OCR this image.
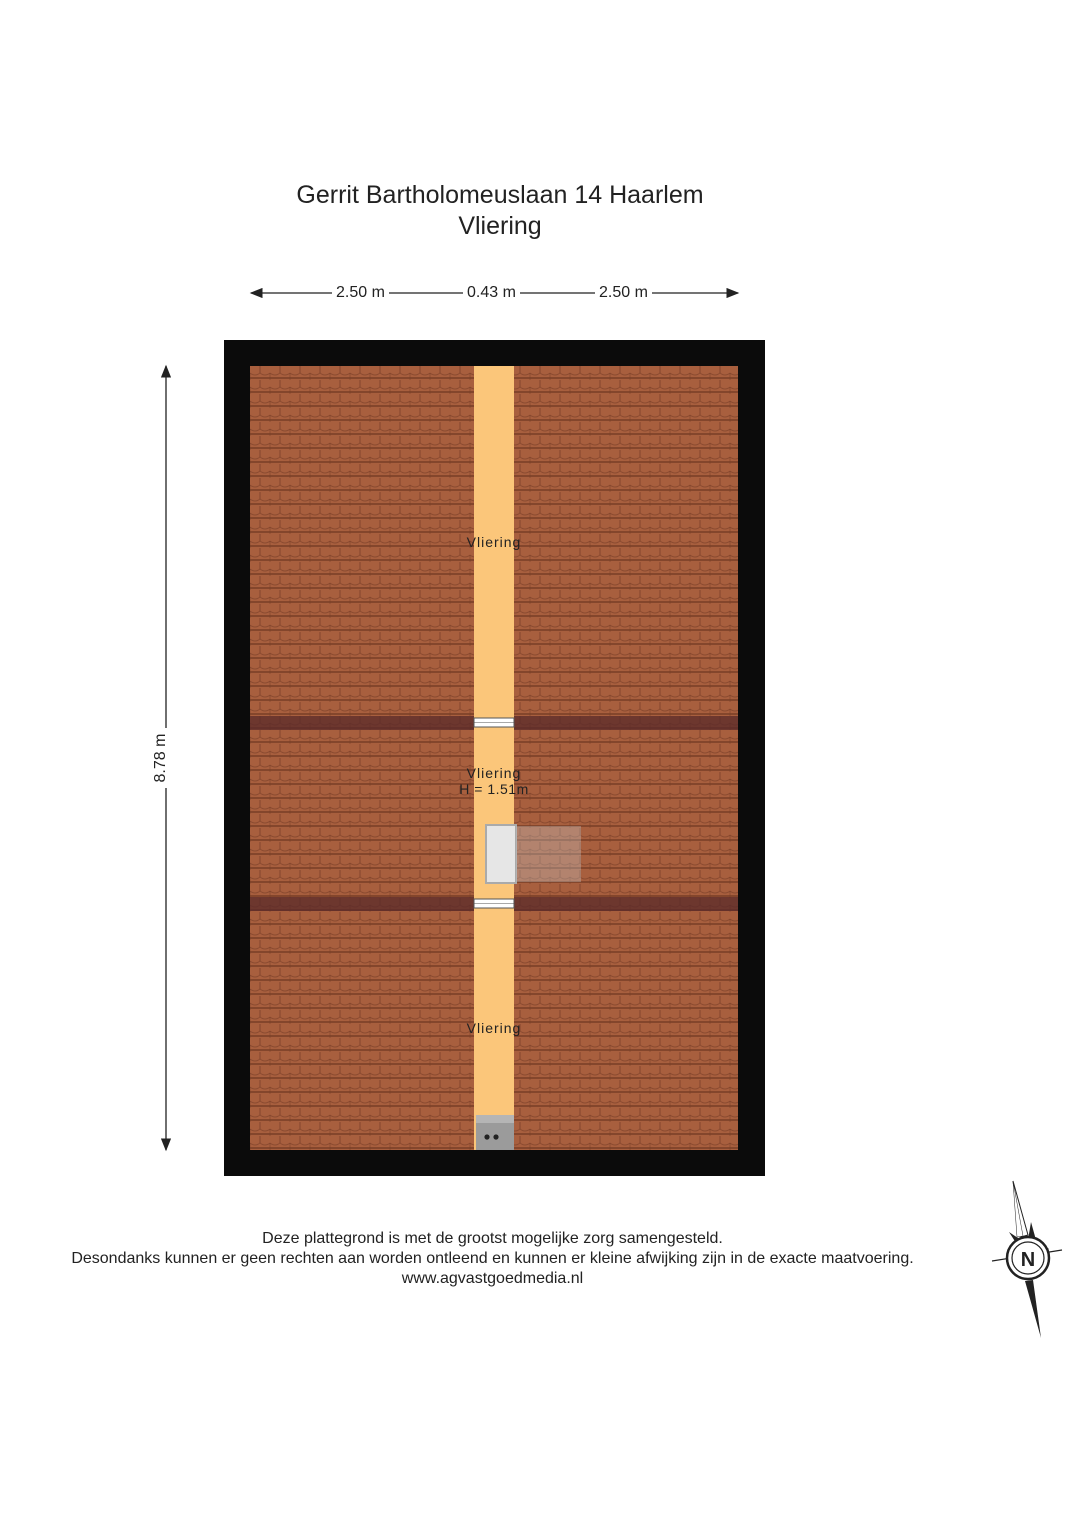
Gerrit Bartholomeuslaan 14 Haarlem
Vliering
N
2.50 m	0.43 m	2.50 m
8.78 m
Vliering
Vliering
H = 1.51m
Vliering
Deze plattegrond is met de grootst mogelijke zorg samengesteld.
Desondanks kunnen er geen rechten aan worden ontleend en kunnen er kleine afwijking zijn in de exacte maatvoering.
www.agvastgoedmedia.nl
